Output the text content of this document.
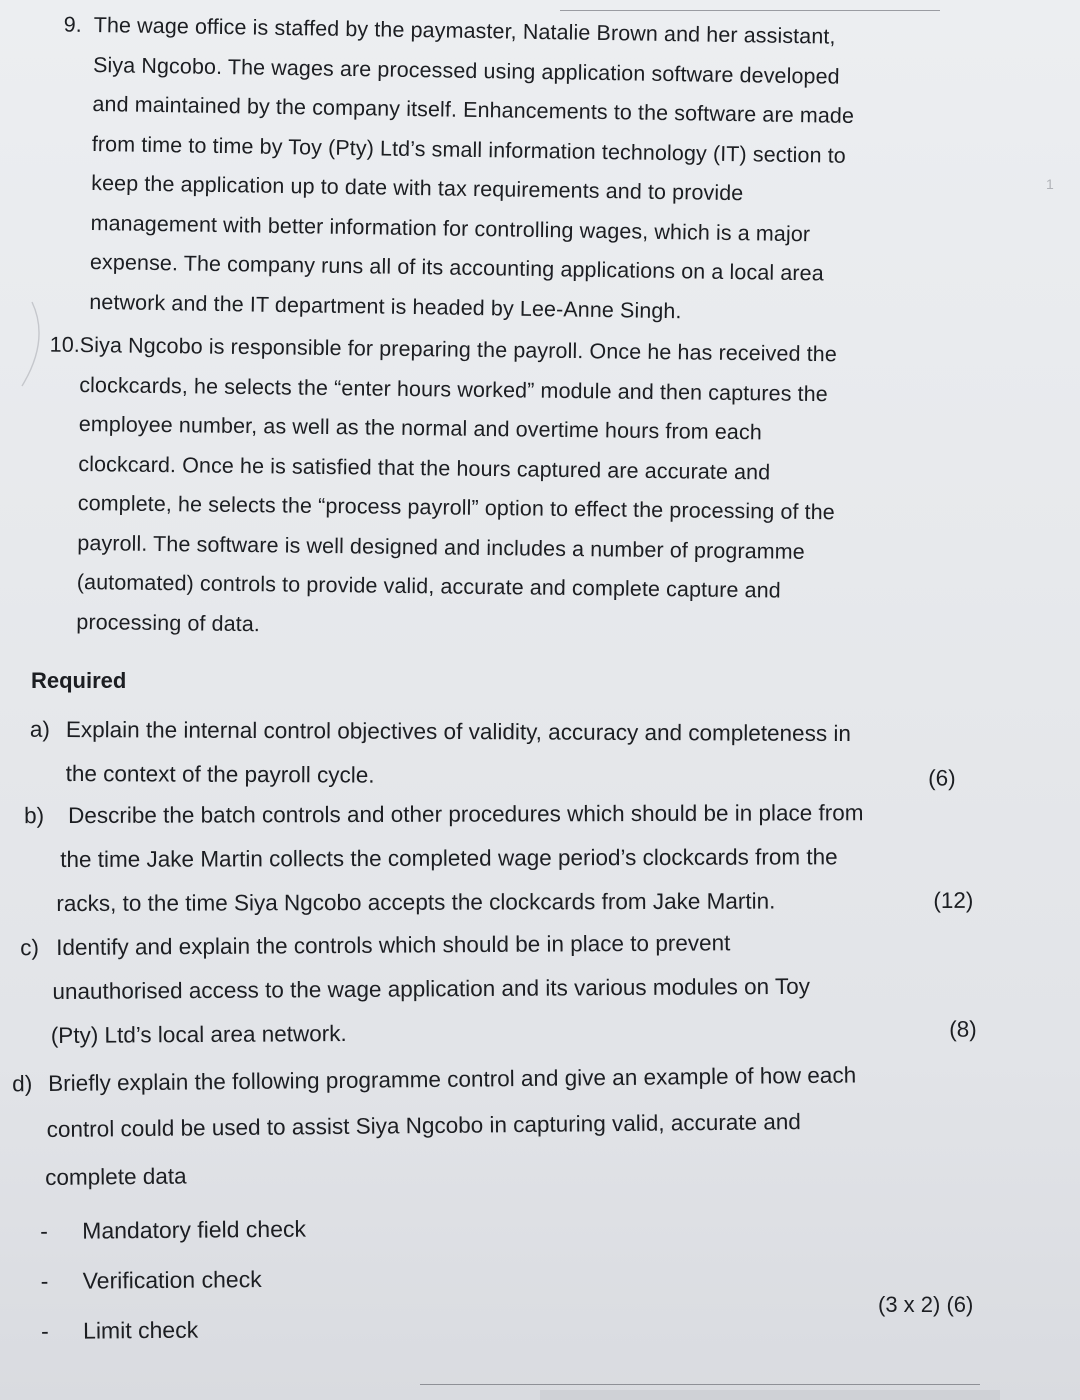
1
9. The wage office is staffed by the paymaster, Natalie Brown and her assistant,
Siya Ngcobo. The wages are processed using application software developed
and maintained by the company itself. Enhancements to the software are made
from time to time by Toy (Pty) Ltd’s small information technology (IT) section to
keep the application up to date with tax requirements and to provide
management with better information for controlling wages, which is a major
expense. The company runs all of its accounting applications on a local area
network and the IT department is headed by Lee-Anne Singh.
10. Siya Ngcobo is responsible for preparing the payroll. Once he has received the
clockcards, he selects the “enter hours worked” module and then captures the
employee number, as well as the normal and overtime hours from each
clockcard. Once he is satisfied that the hours captured are accurate and
complete, he selects the “process payroll” option to effect the processing of the
payroll. The software is well designed and includes a number of programme
(automated) controls to provide valid, accurate and complete capture and
processing of data.
Required
a) Explain the internal control objectives of validity, accuracy and completeness in
the context of the payroll cycle.	(6)
b) Describe the batch controls and other procedures which should be in place from
the time Jake Martin collects the completed wage period’s clockcards from the
racks, to the time Siya Ngcobo accepts the clockcards from Jake Martin.	(12)
c) Identify and explain the controls which should be in place to prevent
unauthorised access to the wage application and its various modules on Toy
(Pty) Ltd’s local area network.	(8)
d) Briefly explain the following programme control and give an example of how each
control could be used to assist Siya Ngcobo in capturing valid, accurate and
complete data
- Mandatory field check
- Verification check
- Limit check
(3 x 2) (6)
